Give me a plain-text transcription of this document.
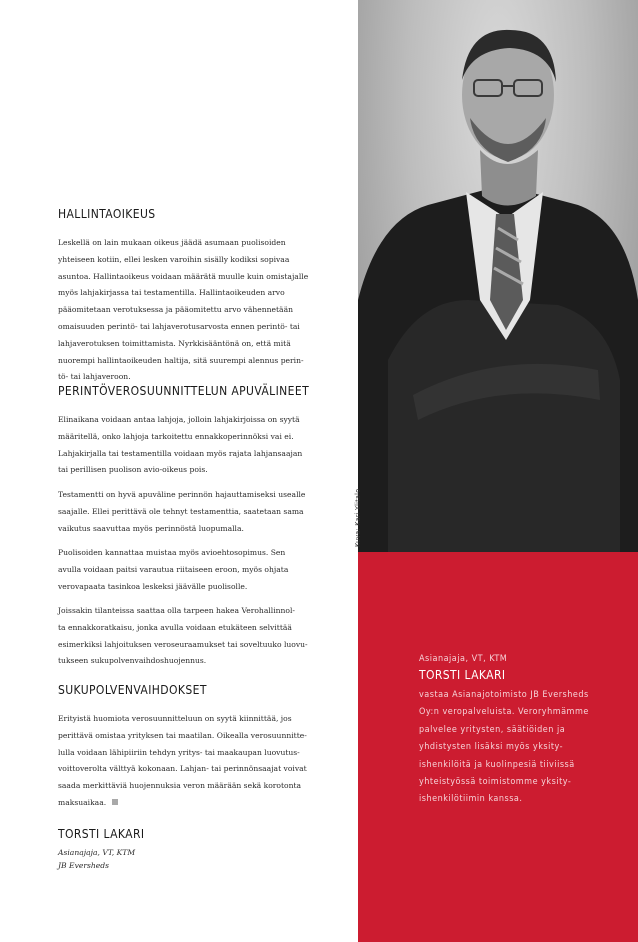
HALLINTAOIKEUS

Leskellä on lain mukaan oikeus jäädä asumaan puolisoiden
yhteiseen kotiin, ellei lesken varoihin sisälly kodiksi sopivaa
asuntoa. Hallintaoikeus voidaan määrätä muulle kuin omistajalle
myös lahjakirjassa tai testamentilla. Hallintaoikeuden arvo
pääomitetaan verotuksessa ja pääomitettu arvo vähennetään
omaisuuden perintö- tai lahjaverotusarvosta ennen perintö- tai
lahjaverotuksen toimittamista. Nyrkkisääntönä on, että mitä
nuorempi hallintaoikeuden haltija, sitä suurempi alennus perin-
tö- tai lahjaveroon.

PERINTÖVEROSUUNNITTELUN APUVÄLINEET

Elinaikana voidaan antaa lahjoja, jolloin lahjakirjoissa on syytä
määritellä, onko lahjoja tarkoitettu ennakkoperinnöksi vai ei.
Lahjakirjalla tai testamentilla voidaan myös rajata lahjansaajan
tai perillisen puolison avio-oikeus pois.

Testamentti on hyvä apuväline perinnön hajauttamiseksi usealle
saajalle. Ellei perittävä ole tehnyt testamenttia, saatetaan sama
vaikutus saavuttaa myös perinnöstä luopumalla.

Puolisoiden kannattaa muistaa myös avioehtosopimus. Sen
avulla voidaan paitsi varautua riitaiseen eroon, myös ohjata
verovapaata tasinkoa leskeksi jäävälle puolisolle.

Joissakin tilanteissa saattaa olla tarpeen hakea Verohallinnol-
ta ennakkoratkaisu, jonka avulla voidaan etukäteen selvittää
esimerkiksi lahjoituksen veroseuraamukset tai soveltuuko luovu-
tukseen sukupolvenvaihdoshuojennus.

SUKUPOLVENVAIHDOKSET

Erityistä huomiota verosuunnitteluun on syytä kiinnittää, jos
perittävä omistaa yrityksen tai maatilan. Oikealla verosuunnitte-
lulla voidaan lähipiiriin tehdyn yritys- tai maakaupan luovutus-
voittoverolta välttyä kokonaan. Lahjan- tai perinnönsaajat voivat
saada merkittäviä huojennuksia veron määrään sekä korotonta
maksuaikaa.

TORSTI LAKARI
Asianajaja, VT, KTM
JB Eversheds
Kuva: Kari Ylitalo
Asianajaja, VT, KTM
TORSTI LAKARI

vastaa Asianajotoimisto JB Eversheds
Oy:n veropalveluista. Veroryhmämme
palvelee yritysten, säätiöiden ja
yhdistysten lisäksi myös yksity-
ishenkilöitä ja kuolinpesiä tiiviissä
yhteistyössä toimistomme yksity-
ishenkilötiimin kanssa.
